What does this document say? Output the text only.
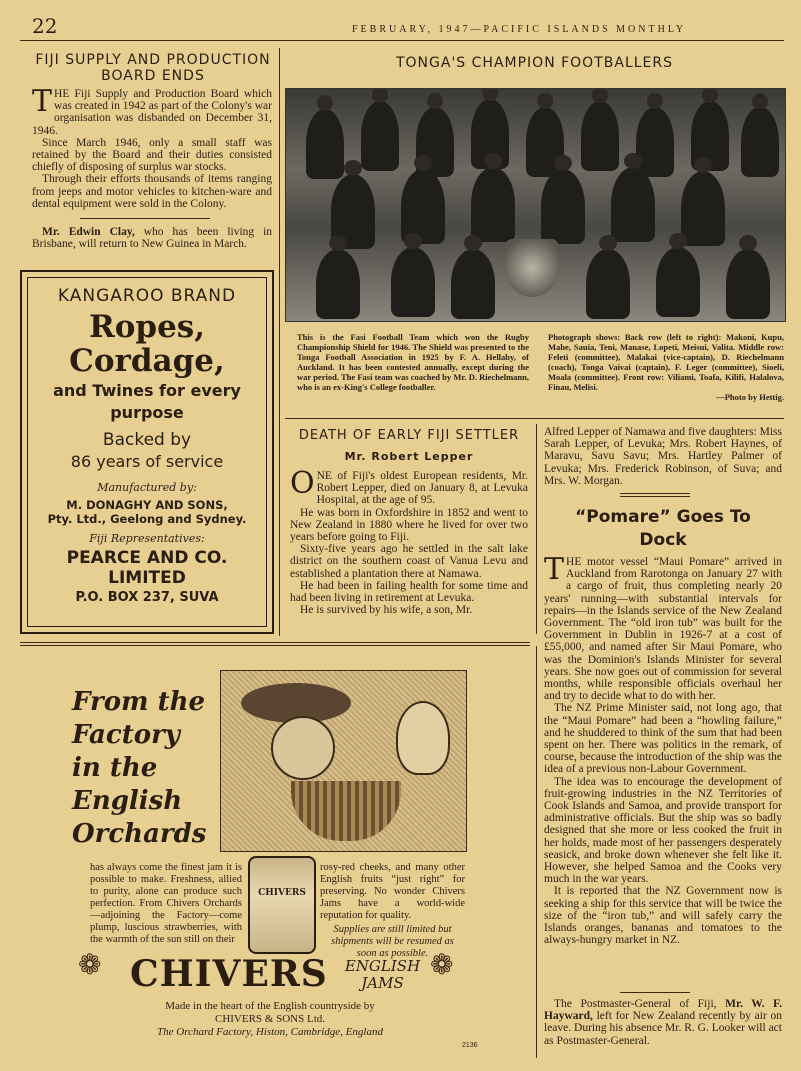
22	FEBRUARY, 1947—PACIFIC ISLANDS MONTHLY
FIJI SUPPLY AND PRODUCTION BOARD ENDS

THE Fiji Supply and Production Board which was created in 1942 as part of the Colony's war organisation was disbanded on December 31, 1946.

Since March 1946, only a small staff was retained by the Board and their duties consisted chiefly of disposing of surplus war stocks.

Through their efforts thousands of items ranging from jeeps and motor vehicles to kitchen-ware and dental equipment were sold in the Colony.

Mr. Edwin Clay, who has been living in Brisbane, will return to New Guinea in March.

KANGAROO BRAND
Ropes,
Cordage,
and Twines for every purpose
Backed by
86 years of service
Manufactured by:
M. DONAGHY AND SONS,
Pty. Ltd., Geelong and Sydney.
Fiji Representatives:
PEARCE AND CO.
LIMITED
P.O. BOX 237, SUVA
TONGA'S CHAMPION FOOTBALLERS
This is the Fasi Football Team which won the Rugby Championship Shield for 1946. The Shield was presented to the Tonga Football Association in 1925 by F. A. Hellaby, of Auckland. It has been contested annually, except during the war period. The Fasi team was coached by Mr. D. Riechelmann, who is an ex-King's College footballer.
Photograph shows: Back row (left to right): Makoni, Kupu, Mahe, Sauia, Teni, Manase, Lopeti, Meisui, Valita. Middle row: Feleti (committee), Malakai (vice-captain), D. Riechelmann (coach), Tonga Vaivai (captain), F. Leger (committee), Sioeli, Moala (committee). Front row: Viliami, Toafa, Kilifi, Halalova, Finau, Melisi.
—Photo by Hettig.
DEATH OF EARLY FIJI SETTLER
Mr. Robert Lepper

ONE of Fiji's oldest European residents, Mr. Robert Lepper, died on January 8, at Levuka Hospital, at the age of 95.

He was born in Oxfordshire in 1852 and went to New Zealand in 1880 where he lived for over two years before going to Fiji.

Sixty-five years ago he settled in the salt lake district on the southern coast of Vanua Levu and established a plantation there at Namawa.

He had been in failing health for some time and had been living in retirement at Levuka.

He is survived by his wife, a son, Mr.

Alfred Lepper of Namawa and five daughters: Miss Sarah Lepper, of Levuka; Mrs. Robert Haynes, of Maravu, Savu Savu; Mrs. Hartley Palmer of Levuka; Mrs. Frederick Robinson, of Suva; and Mrs. W. Morgan.

“Pomare” Goes To
Dock

THE motor vessel “Maui Pomare” arrived in Auckland from Rarotonga on January 27 with a cargo of fruit, thus completing nearly 20 years' running—with substantial intervals for repairs—in the Islands service of the New Zealand Government. The “old iron tub” was built for the Government in Dublin in 1926-7 at a cost of £55,000, and named after Sir Maui Pomare, who was the Dominion's Islands Minister for several years. She now goes out of commission for several months, while responsible officials overhaul her and try to decide what to do with her.

The NZ Prime Minister said, not long ago, that the “Maui Pomare” had been a “howling failure,” and he shuddered to think of the sum that had been spent on her. There was politics in the remark, of course, because the introduction of the ship was the idea of a previous non-Labour Government.

The idea was to encourage the development of fruit-growing industries in the NZ Territories of Cook Islands and Samoa, and provide transport for administrative officials. But the ship was so badly designed that she more or less cooked the fruit in her holds, made most of her passengers desperately seasick, and broke down whenever she felt like it. However, she helped Samoa and the Cooks very much in the war years.

It is reported that the NZ Government now is seeking a ship for this service that will be twice the size of the “iron tub,” and will safely carry the Islands oranges, bananas and tomatoes to the always-hungry market in NZ.

The Postmaster-General of Fiji, Mr. W. F. Hayward, left for New Zealand recently by air on leave. During his absence Mr. R. G. Looker will act as Postmaster-General.

From the
Factory
in the
English
Orchards
has always come the finest jam it is possible to make. Freshness, allied to purity, alone can produce such perfection. From Chivers Orchards—adjoining the Factory—come plump, luscious strawberries, with the warmth of the sun still on their
CHIVERS
rosy-red cheeks, and many other English fruits “just right” for preserving. No wonder Chivers Jams have a world-wide reputation for quality.
Supplies are still limited but shipments will be resumed as soon as possible.
❁	❁
CHIVERS	ENGLISH
JAMS
Made in the heart of the English countryside by
CHIVERS & SONS Ltd.
The Orchard Factory, Histon, Cambridge, England
2136
